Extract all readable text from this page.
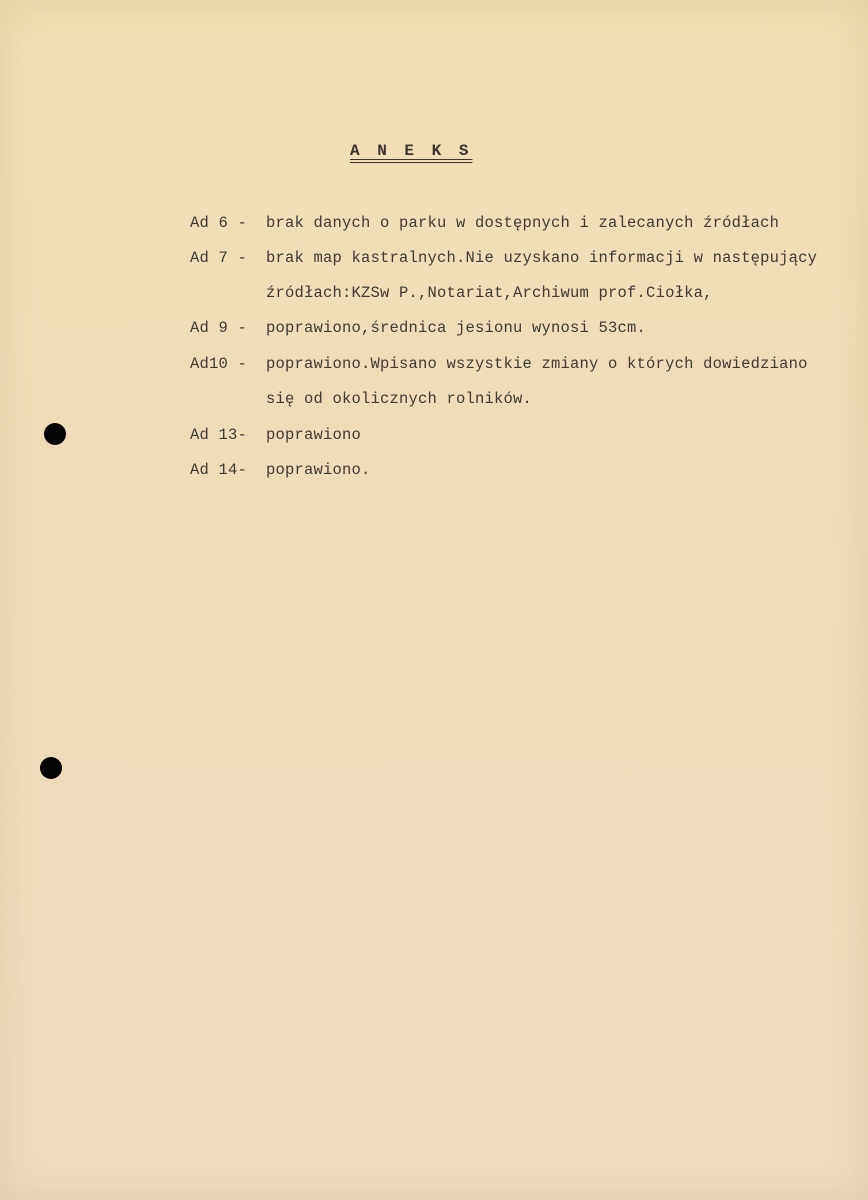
A N E K S
Ad 6 - brak danych o parku w dostępnych i zalecanych źródłach
Ad 7 - brak map kastralnych.Nie uzyskano informacji w następujący
źródłach:KZSw P.,Notariat,Archiwum prof.Ciołka,
Ad 9 - poprawiono,średnica jesionu wynosi 53cm.
Ad10 - poprawiono.Wpisano wszystkie zmiany o których dowiedziano
się od okolicznych rolników.
Ad 13- poprawiono
Ad 14- poprawiono.
